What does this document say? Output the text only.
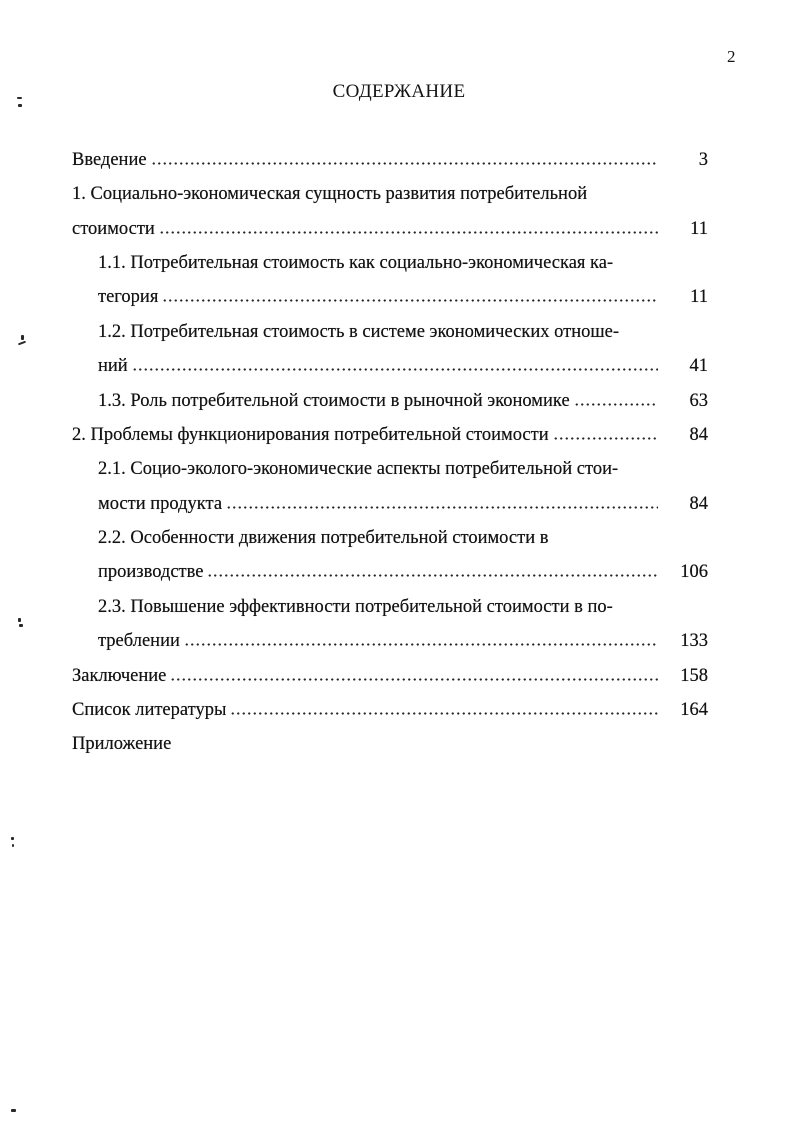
2
СОДЕРЖАНИЕ
Введение	3
1. Социально-экономическая сущность развития потребительной
стоимости	11
1.1. Потребительная стоимость как социально-экономическая ка-
тегория	11
1.2. Потребительная стоимость в системе экономических отноше-
ний	41
1.3. Роль потребительной стоимости в рыночной экономике	63
2. Проблемы функционирования потребительной стоимости	84
2.1. Социо-эколого-экономические аспекты потребительной стои-
мости продукта	84
2.2. Особенности движения потребительной стоимости в
производстве	106
2.3. Повышение эффективности потребительной стоимости в по-
треблении	133
Заключение	158
Список литературы	164
Приложение
